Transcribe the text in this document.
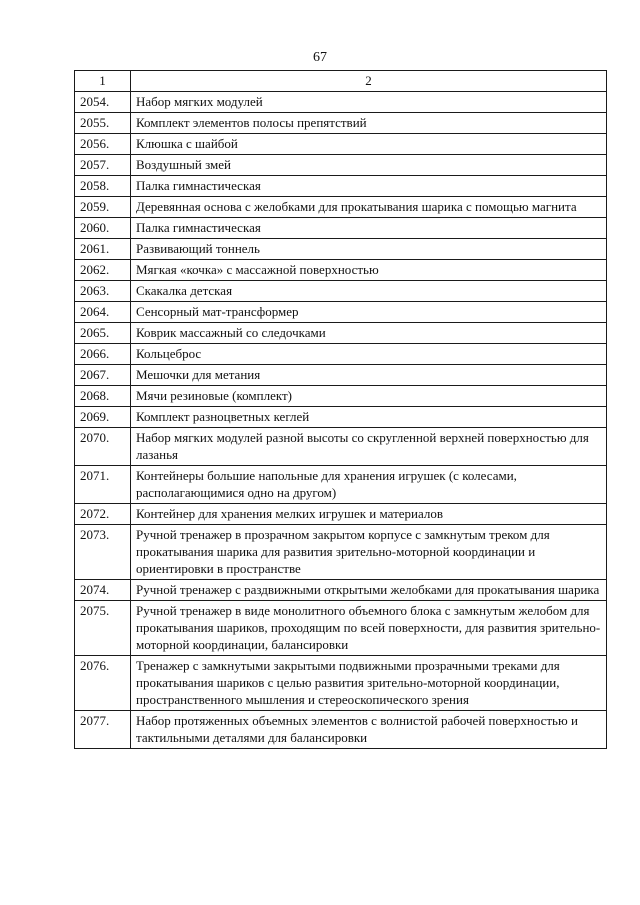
67
1	2
2054.	Набор мягких модулей
2055.	Комплект элементов полосы препятствий
2056.	Клюшка с шайбой
2057.	Воздушный змей
2058.	Палка гимнастическая
2059.	Деревянная основа с желобками для прокатывания шарика с помощью магнита
2060.	Палка гимнастическая
2061.	Развивающий тоннель
2062.	Мягкая «кочка» с массажной поверхностью
2063.	Скакалка детская
2064.	Сенсорный мат-трансформер
2065.	Коврик массажный со следочками
2066.	Кольцеброс
2067.	Мешочки для метания
2068.	Мячи резиновые (комплект)
2069.	Комплект разноцветных кеглей
2070.	Набор мягких модулей разной высоты со скругленной верхней поверхностью для лазанья
2071.	Контейнеры большие напольные для хранения игрушек (с колесами, располагающимися одно на другом)
2072.	Контейнер для хранения мелких игрушек и материалов
2073.	Ручной тренажер в прозрачном закрытом корпусе с замкнутым треком для прокатывания шарика для развития зрительно-моторной координации и ориентировки в пространстве
2074.	Ручной тренажер с раздвижными открытыми желобками для прокатывания шарика
2075.	Ручной тренажер в виде монолитного объемного блока с замкнутым желобом для прокатывания шариков, проходящим по всей поверхности, для развития зрительно-моторной координации, балансировки
2076.	Тренажер с замкнутыми закрытыми подвижными прозрачными треками для прокатывания шариков с целью развития зрительно-моторной координации, пространственного мышления и стереоскопического зрения
2077.	Набор протяженных объемных элементов с волнистой рабочей поверхностью и тактильными деталями для балансировки
